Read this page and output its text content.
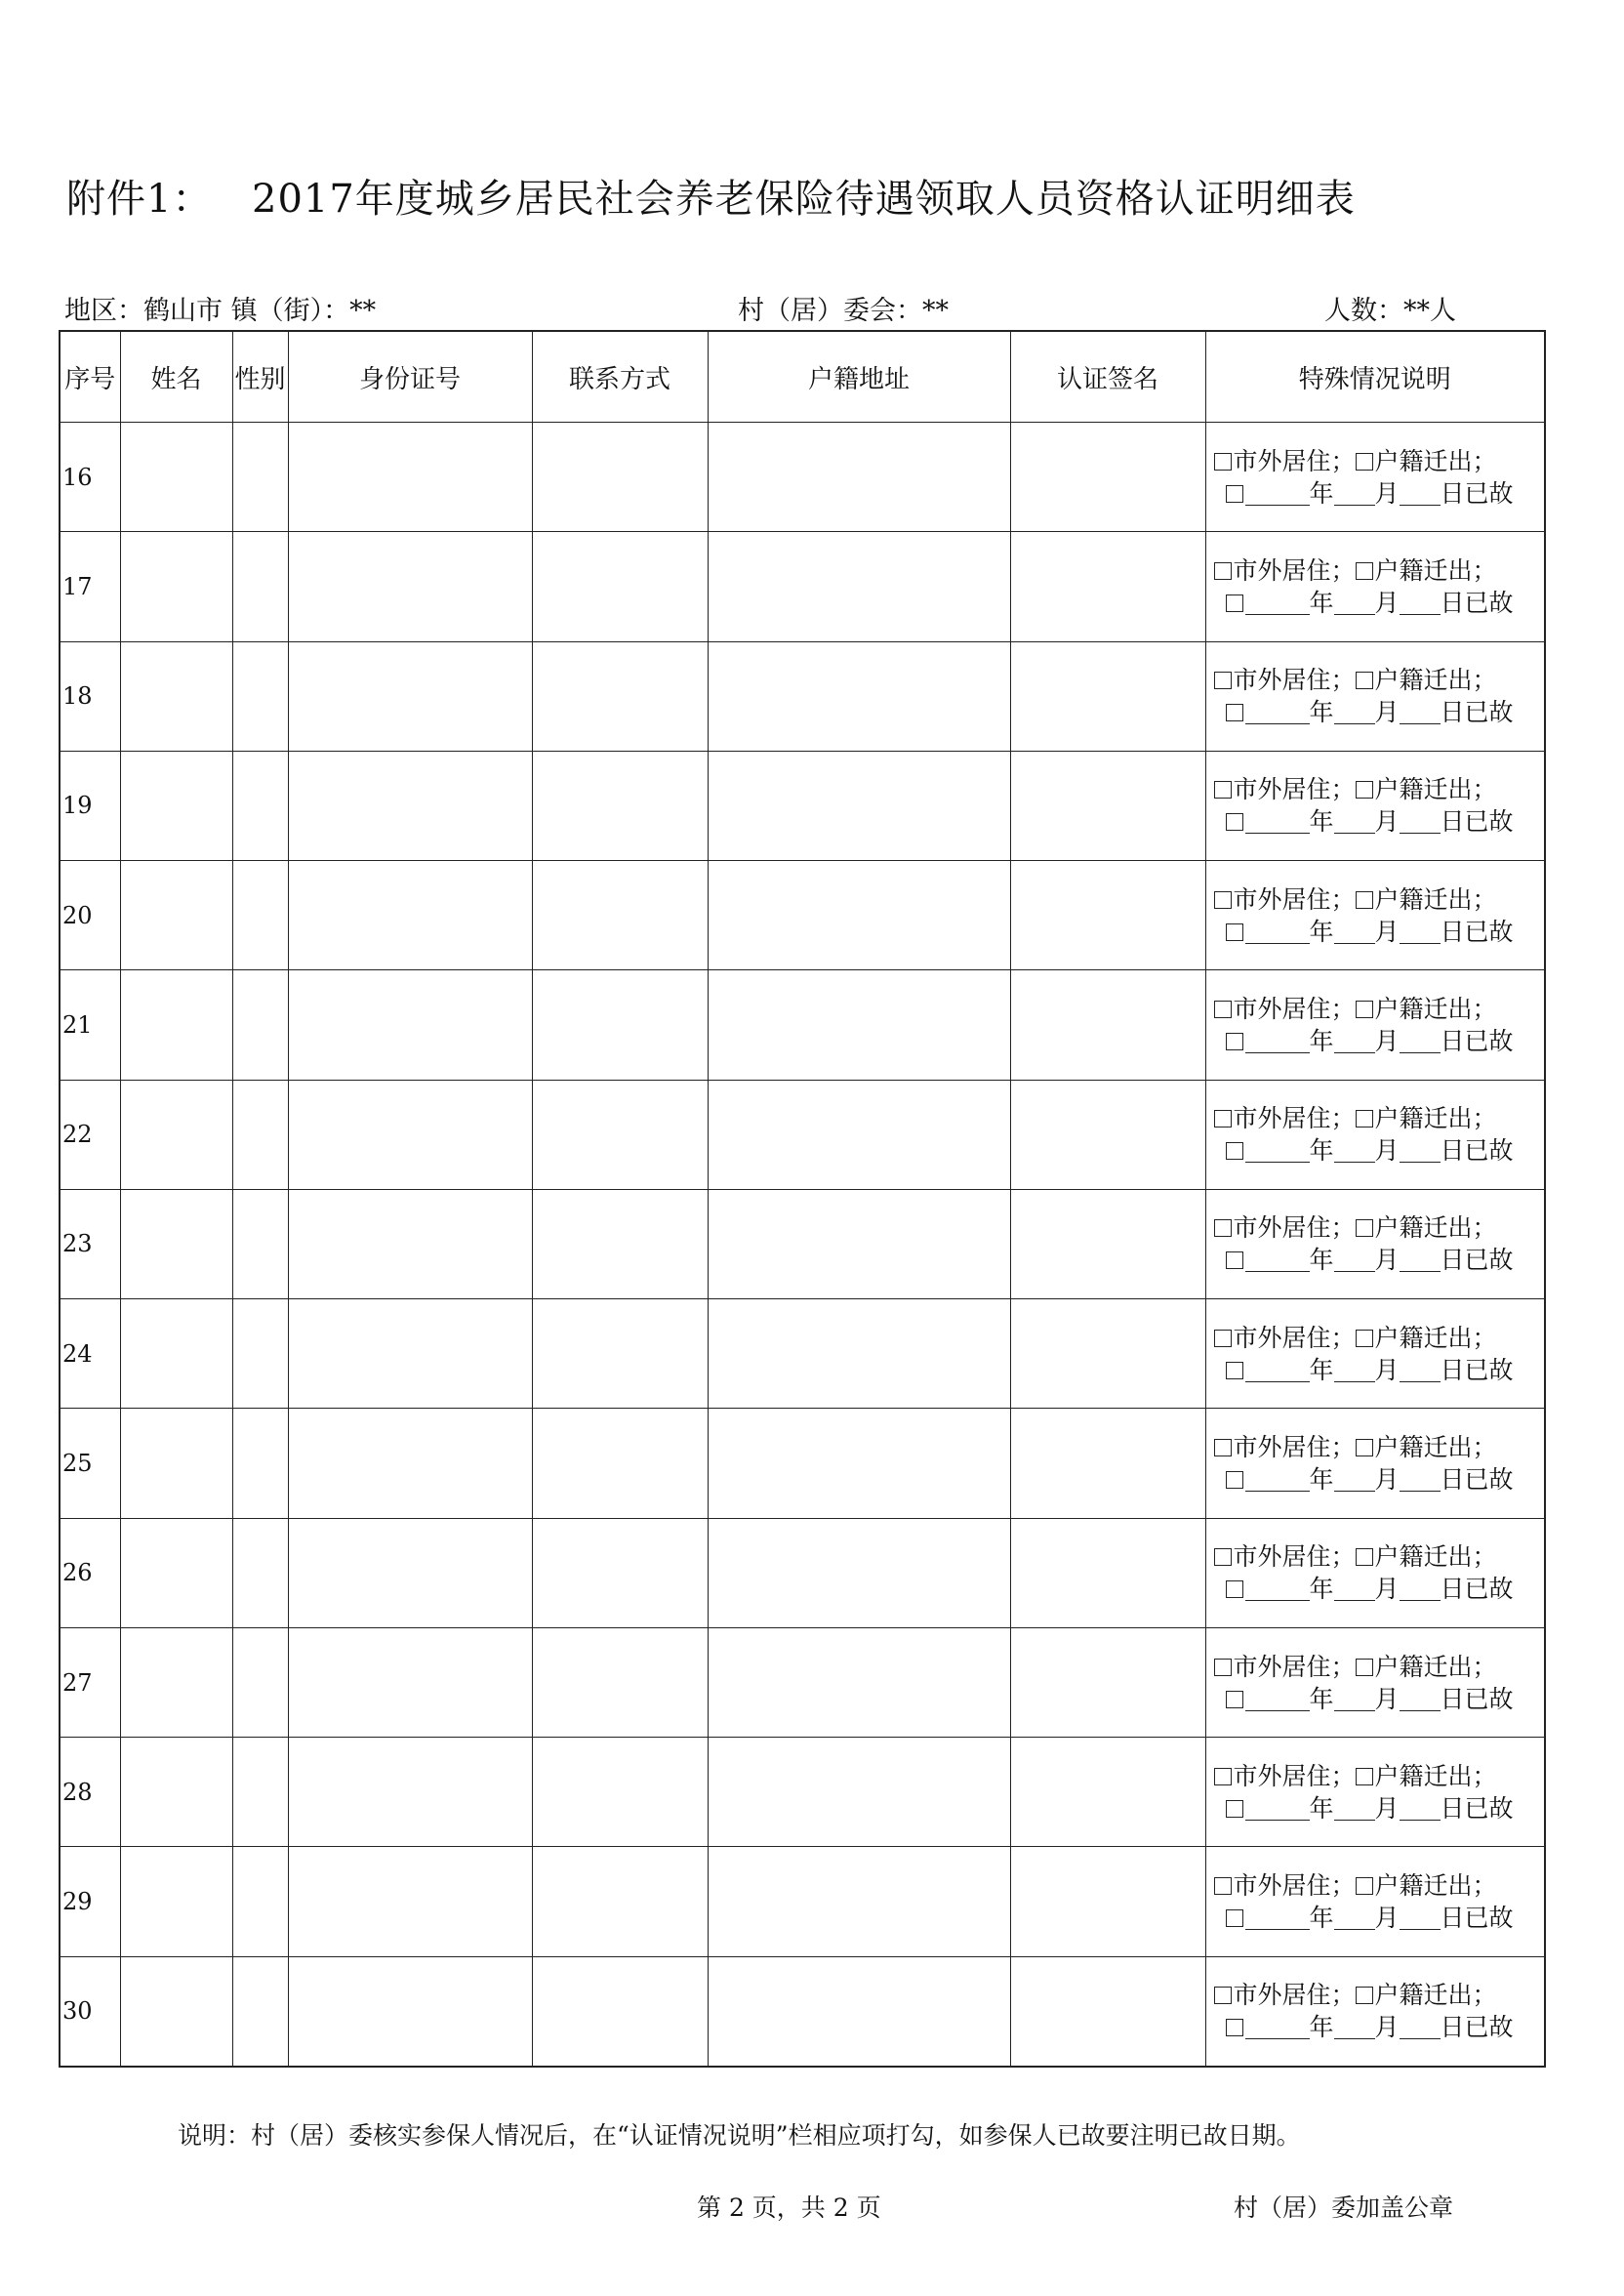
附件1： 2017年度城乡居民社会养老保险待遇领取人员资格认证明细表
地区：鹤山市 镇（街）：**	村（居）委会：**	人数：**人
序号	姓名	性别	身份证号	联系方式	户籍地址	认证签名	特殊情况说明
16							市外居住； 户籍迁出；
年 月 日已故

17							市外居住； 户籍迁出；
年 月 日已故

18							市外居住； 户籍迁出；
年 月 日已故

19							市外居住； 户籍迁出；
年 月 日已故

20							市外居住； 户籍迁出；
年 月 日已故

21							市外居住； 户籍迁出；
年 月 日已故

22							市外居住； 户籍迁出；
年 月 日已故

23							市外居住； 户籍迁出；
年 月 日已故

24							市外居住； 户籍迁出；
年 月 日已故

25							市外居住； 户籍迁出；
年 月 日已故

26							市外居住； 户籍迁出；
年 月 日已故

27							市外居住； 户籍迁出；
年 月 日已故

28							市外居住； 户籍迁出；
年 月 日已故

29							市外居住； 户籍迁出；
年 月 日已故

30							市外居住； 户籍迁出；
年 月 日已故
说明：村（居）委核实参保人情况后，在“认证情况说明”栏相应项打勾，如参保人已故要注明已故日期。
第 2 页，共 2 页	村（居）委加盖公章
